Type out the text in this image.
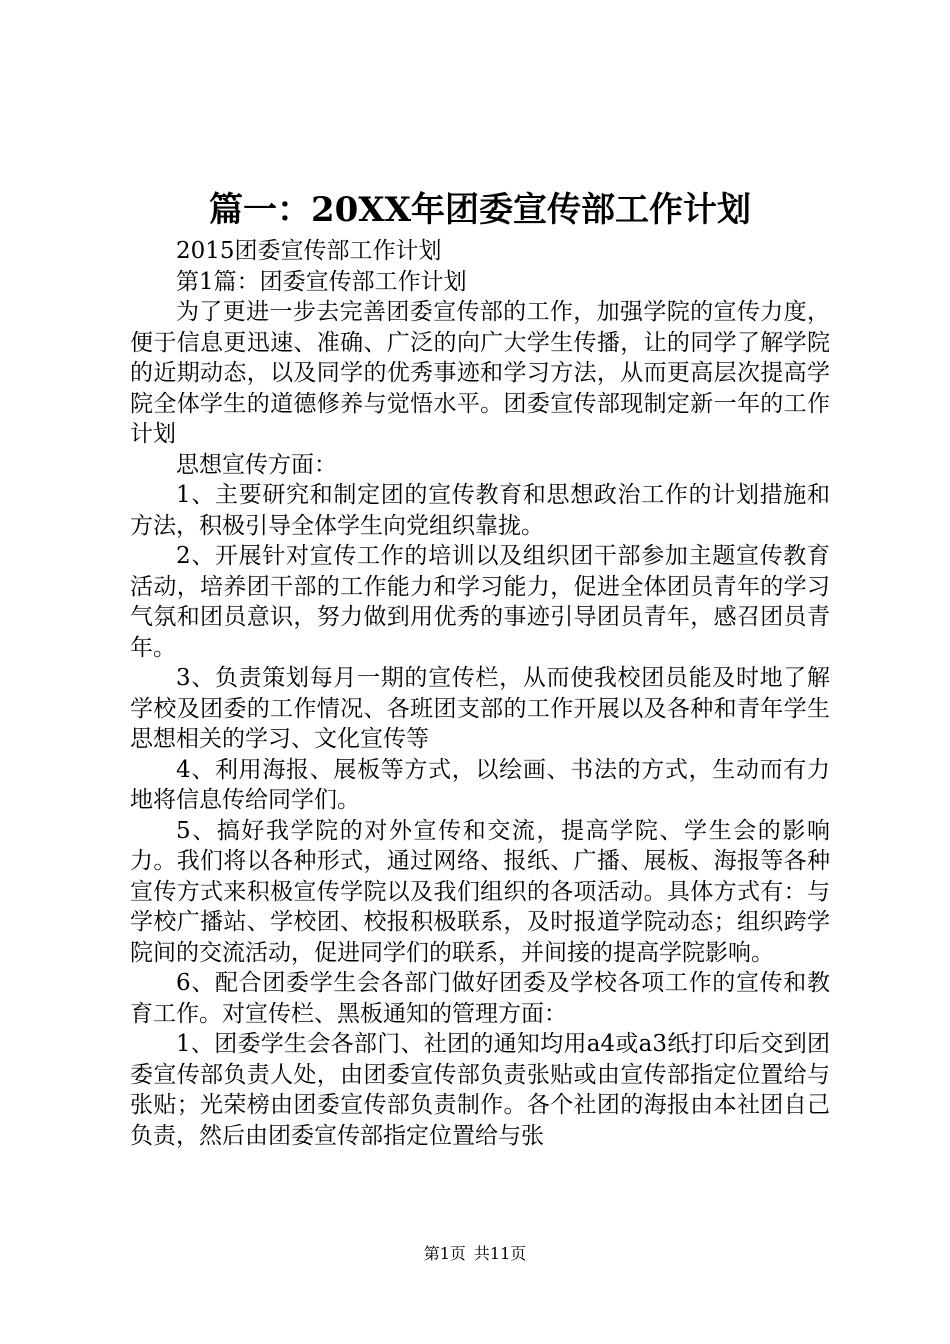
篇一：20XX年团委宣传部工作计划

2015团委宣传部工作计划

第1篇：团委宣传部工作计划

为了更进一步去完善团委宣传部的工作，加强学院的宣传力度，便于信息更迅速、准确、广泛的向广大学生传播，让的同学了解学院的近期动态，以及同学的优秀事迹和学习方法，从而更高层次提高学院全体学生的道德修养与觉悟水平。团委宣传部现制定新一年的工作计划

思想宣传方面：

1、主要研究和制定团的宣传教育和思想政治工作的计划措施和方法，积极引导全体学生向党组织靠拢。

2、开展针对宣传工作的培训以及组织团干部参加主题宣传教育活动，培养团干部的工作能力和学习能力，促进全体团员青年的学习气氛和团员意识，努力做到用优秀的事迹引导团员青年，感召团员青年。

3、负责策划每月一期的宣传栏，从而使我校团员能及时地了解学校及团委的工作情况、各班团支部的工作开展以及各种和青年学生思想相关的学习、文化宣传等

4、利用海报、展板等方式，以绘画、书法的方式，生动而有力地将信息传给同学们。

5、搞好我学院的对外宣传和交流，提高学院、学生会的影响力。我们将以各种形式，通过网络、报纸、广播、展板、海报等各种宣传方式来积极宣传学院以及我们组织的各项活动。具体方式有：与学校广播站、学校团、校报积极联系，及时报道学院动态；组织跨学院间的交流活动，促进同学们的联系，并间接的提高学院影响。

6、配合团委学生会各部门做好团委及学校各项工作的宣传和教育工作。对宣传栏、黑板通知的管理方面：

1、团委学生会各部门、社团的通知均用a4或a3纸打印后交到团委宣传部负责人处，由团委宣传部负责张贴或由宣传部指定位置给与张贴；光荣榜由团委宣传部负责制作。各个社团的海报由本社团自己负责，然后由团委宣传部指定位置给与张

第1页 共11页
